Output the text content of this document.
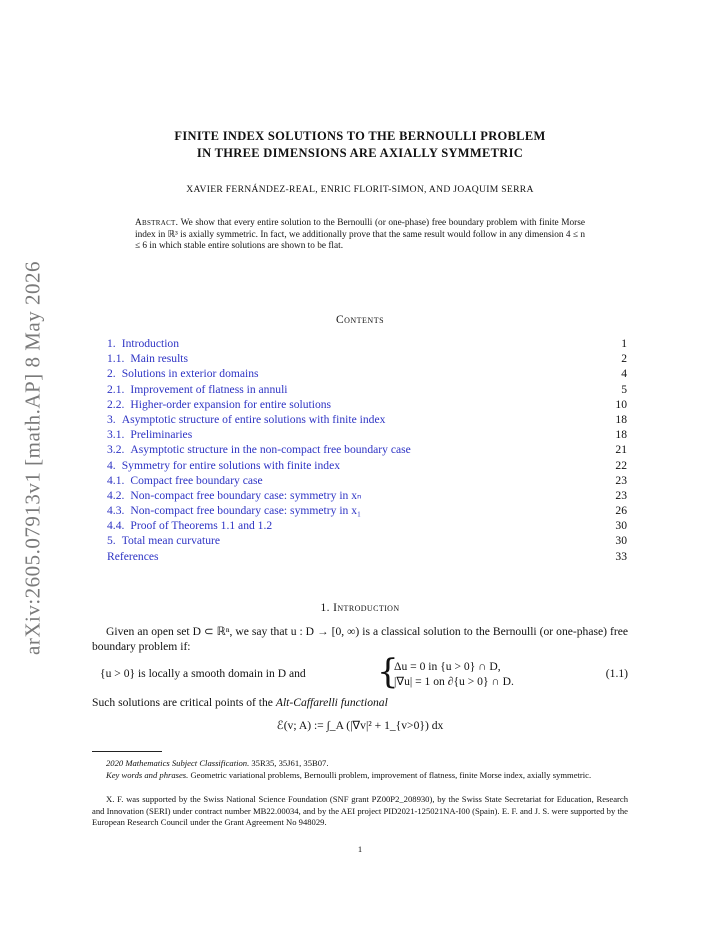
arXiv:2605.07913v1 [math.AP] 8 May 2026
FINITE INDEX SOLUTIONS TO THE BERNOULLI PROBLEM
IN THREE DIMENSIONS ARE AXIALLY SYMMETRIC
XAVIER FERNÁNDEZ-REAL, ENRIC FLORIT-SIMON, AND JOAQUIM SERRA
Abstract. We show that every entire solution to the Bernoulli (or one-phase) free boundary problem with finite Morse index in ℝ³ is axially symmetric. In fact, we additionally prove that the same result would follow in any dimension 4 ≤ n ≤ 6 in which stable entire solutions are shown to be flat.
Contents
1. Introduction	1
1.1. Main results	2
2. Solutions in exterior domains	4
2.1. Improvement of flatness in annuli	5
2.2. Higher-order expansion for entire solutions	10
3. Asymptotic structure of entire solutions with finite index	18
3.1. Preliminaries	18
3.2. Asymptotic structure in the non-compact free boundary case	21
4. Symmetry for entire solutions with finite index	22
4.1. Compact free boundary case	23
4.2. Non-compact free boundary case: symmetry in xₙ	23
4.3. Non-compact free boundary case: symmetry in x₁	26
4.4. Proof of Theorems 1.1 and 1.2	30
5. Total mean curvature	30
References	33
1. Introduction
Given an open set D ⊂ ℝⁿ, we say that u : D → [0, ∞) is a classical solution to the Bernoulli (or one-phase) free boundary problem if:
{u > 0} is locally a smooth domain in D and {
Δu = 0 in {u > 0} ∩ D,
|∇u| = 1 on ∂{u > 0} ∩ D.
(1.1)
Such solutions are critical points of the Alt-Caffarelli functional
ℰ(v; A) := ∫_A (|∇v|² + 1_{v>0}) dx
2020 Mathematics Subject Classification. 35R35, 35J61, 35B07.
Key words and phrases. Geometric variational problems, Bernoulli problem, improvement of flatness, finite Morse index, axially symmetric.
X. F. was supported by the Swiss National Science Foundation (SNF grant PZ00P2_208930), by the Swiss State Secretariat for Education, Research and Innovation (SERI) under contract number MB22.00034, and by the AEI project PID2021-125021NA-I00 (Spain). E. F. and J. S. were supported by the European Research Council under the Grant Agreement No 948029.
1
